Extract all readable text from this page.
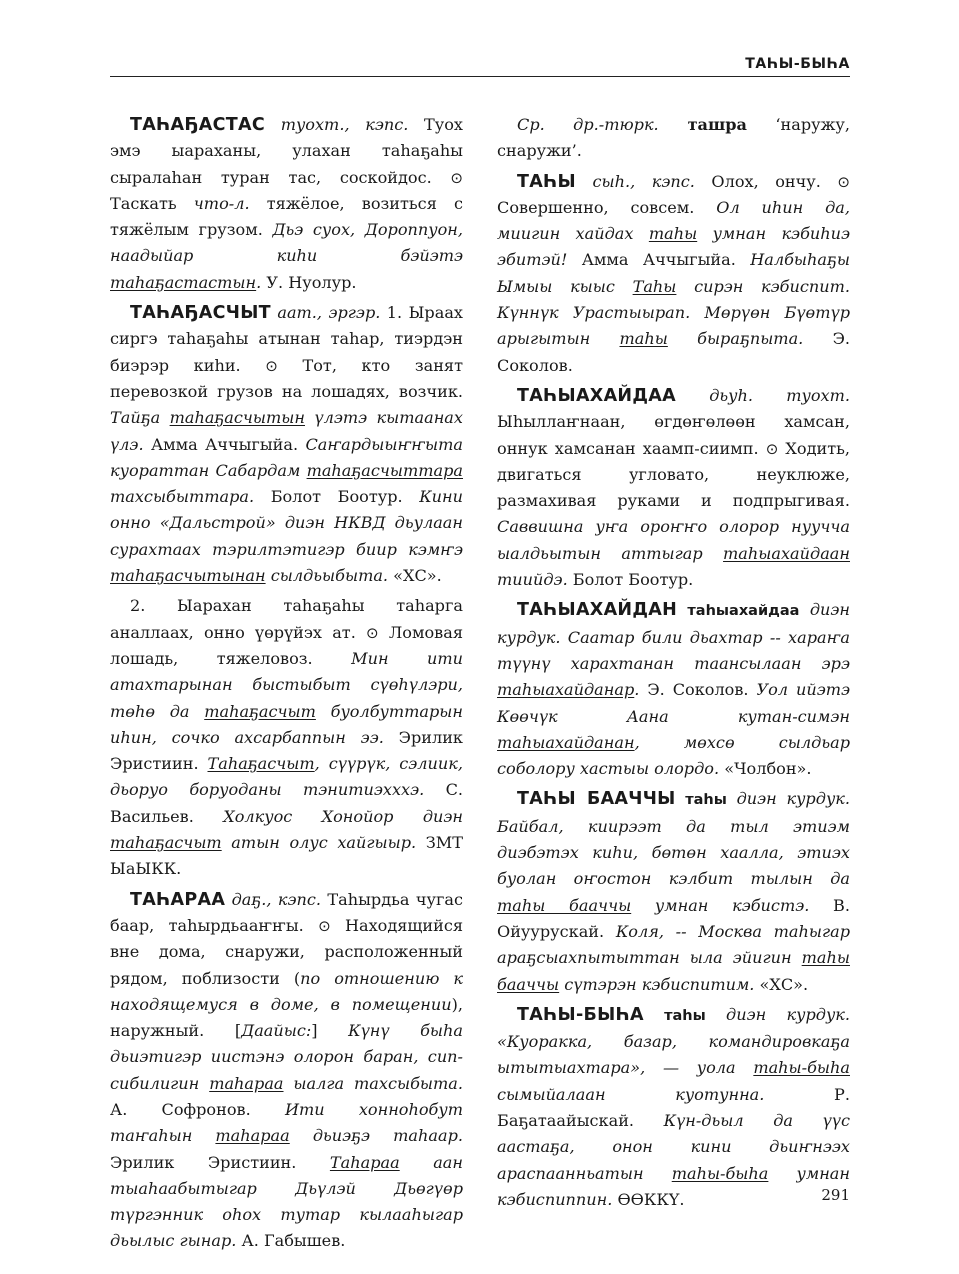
ТАҺЫ-БЫҺА

ТАҺАҔАСТАС туохт., кэпс. Туох эмэ ыараханы, улахан таһаҕаһы сыралаһан туран тас, соскойдос. ⊙ Таскать что-л. тяжёлое, возиться с тяжёлым грузом. Дьэ суох, Дороппуон, наадыйар киһи бэйэтэ таһаҕастастын. У. Нуолур.

ТАҺАҔАСЧЫТ аат., эргэр. 1. Ыраах сиргэ таһаҕаһы атынан таһар, тиэрдэн биэрэр киһи. ⊙ Тот, кто занят перевозкой грузов на лошадях, возчик. Тайҕа таһаҕасчытын үлэтэ кытаанах үлэ. Амма Аччыгыйа. Саҥардыыҥҥыта куораттан Сабардам таһаҕасчыттара тахсыбыттара. Болот Боотур. Кини онно «Дальстрой» диэн НКВД дьулаан сурахтаах тэрилтэтигэр биир кэмҥэ таһаҕасчытынан сылдьыбыта. «ХС».

2. Ыарахан таһаҕаһы таһарга аналлаах, онно үөрүйэх ат. ⊙ Ломовая лошадь, тяжеловоз. Мин ити атахтарынан быстыбыт сүөһүлэри, төһө да таһаҕасчыт буолбуттарын иһин, сочко ахсарбаппын ээ. Эрилик Эристиин. Таһаҕасчыт, сүүрүк, сэлиик, дьоруо боруоданы тэнитиэхххэ. С. Васильев. Холкуос Хонойор диэн таһаҕасчыт атын олус хайгыыр. ЗМТ ЫаЫКК.

ТАҺАРАА даҕ., кэпс. Таһырдьа чугас баар, таһырдьааҥҥы. ⊙ Находящийся вне дома, снаружи, расположенный рядом, поблизости (по отношению к находящемуся в доме, в помещении), наружный. [Даайыс:] Күнү быһа дьиэтигэр иистэнэ олорон баран, сип-сибилигин таһараа ыалга тахсыбыта. А. Софронов. Ити хонноһобут таҥаһын таһараа дьиэҕэ таһаар. Эрилик Эристиин. Таһараа аан тыаһаабытыгар Дьүлэй Дьөгүөр түргэнник оһох тутар кылааһыгар дьылыс гынар. А. Габышев.

Ср. др.-тюрк. ташра ‘наружу, снаружи’.

ТАҺЫ сыһ., кэпс. Олох, ончу. ⊙ Совершенно, совсем. Ол иһин да, миигин хайдах таһы умнан кэбиһиэ эбитэй! Амма Аччыгыйа. Налбыһаҕы Ымыы кыыс Таһы сирэн кэбиспит. Күннүк Урастыырап. Мөрүөн Бүөтүр арыгытын таһы быраҕпыта. Э. Соколов.

ТАҺЫАХАЙДАА дьуһ. туохт. Ыһыллаҥнаан, өгдөҥөлөөн хамсан, оннук хамсанан хаамп-сиимп. ⊙ Ходить, двигаться угловато, неуклюже, размахивая руками и подпрыгивая. Саввишна уҥа ороҥҥо олорор нуучча ыалдьытын аттыгар таһыахайдаан тиийдэ. Болот Боотур.

ТАҺЫАХАЙДАН таһыахайдаа диэн курдук. Саатар били дьахтар -- хараҥа түүнү харахтанан таансылаан эрэ таһыахайданар. Э. Соколов. Уол ийэтэ Көөчүк Аана кутан-симэн таһыахайданан, мөхсө сылдьар соболору хастыы олордо. «Чолбон».

ТАҺЫ БААЧЧЫ таһы диэн курдук. Байбал, киирээт да тыл этиэм диэбэтэх киһи, бөтөн хаалла, этиэх буолан оҥостон кэлбит тылын да таһы бааччы умнан кэбистэ. В. Ойуурускай. Коля, -- Москва таһыгар араҕсыахпытыттан ыла эйигин таһы бааччы сүтэрэн кэбиспитим. «ХС».

ТАҺЫ-БЫҺА таһы диэн курдук. «Куоракка, базар, командировкаҕа ытытыахтара», — уола таһы-быһа сымыйалаан куотунна. Р. Баҕатаайыскай. Күн-дьыл да үүс аастаҕа, онон кини дьиҥнээх араспаанньатын таһы-быһа умнан кэбиспиппин. ӨӨККҮ.	291
